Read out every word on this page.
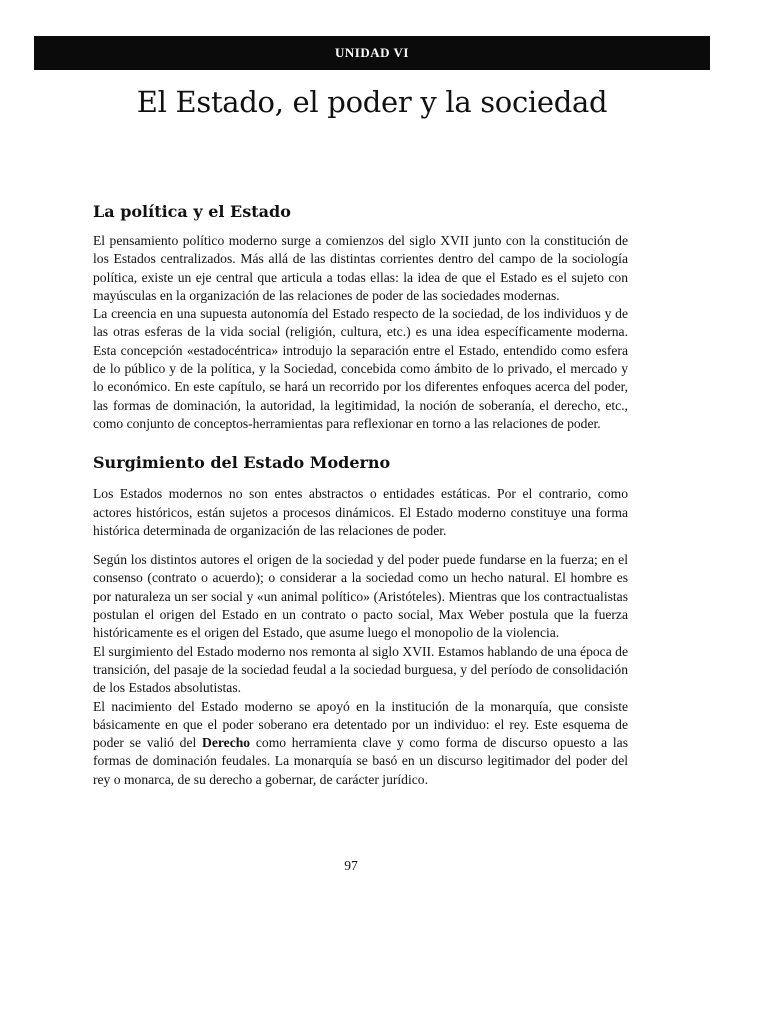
UNIDAD VI
El Estado, el poder y la sociedad
La política y el Estado

El pensamiento político moderno surge a comienzos del siglo XVII junto con la constitución de los Estados centralizados. Más allá de las distintas corrientes dentro del campo de la sociología política, existe un eje central que articula a todas ellas: la idea de que el Estado es el sujeto con mayúsculas en la organización de las relaciones de poder de las sociedades modernas.

La creencia en una supuesta autonomía del Estado respecto de la sociedad, de los individuos y de las otras esferas de la vida social (religión, cultura, etc.) es una idea específicamente moderna. Esta concepción «estadocéntrica» introdujo la separación entre el Estado, entendido como esfera de lo público y de la política, y la Sociedad, concebida como ámbito de lo privado, el mercado y lo económico. En este capítulo, se hará un recorrido por los diferentes enfoques acerca del poder, las formas de dominación, la autoridad, la legitimidad, la noción de soberanía, el derecho, etc., como conjunto de conceptos-herramientas para reflexionar en torno a las relaciones de poder.

Surgimiento del Estado Moderno

Los Estados modernos no son entes abstractos o entidades estáticas. Por el contrario, como actores históricos, están sujetos a procesos dinámicos. El Estado moderno constituye una forma histórica determinada de organización de las relaciones de poder.

Según los distintos autores el origen de la sociedad y del poder puede fundarse en la fuerza; en el consenso (contrato o acuerdo); o considerar a la sociedad como un hecho natural. El hombre es por naturaleza un ser social y «un animal político» (Aristóteles). Mientras que los contractualistas postulan el origen del Estado en un contrato o pacto social, Max Weber postula que la fuerza históricamente es el origen del Estado, que asume luego el monopolio de la violencia.

El surgimiento del Estado moderno nos remonta al siglo XVII. Estamos hablando de una época de transición, del pasaje de la sociedad feudal a la sociedad burguesa, y del período de consolidación de los Estados absolutistas.

El nacimiento del Estado moderno se apoyó en la institución de la monarquía, que consiste básicamente en que el poder soberano era detentado por un individuo: el rey. Este esquema de poder se valió del Derecho como herramienta clave y como forma de discurso opuesto a las formas de dominación feudales. La monarquía se basó en un discurso legitimador del poder del rey o monarca, de su derecho a gobernar, de carácter jurídico.

97
